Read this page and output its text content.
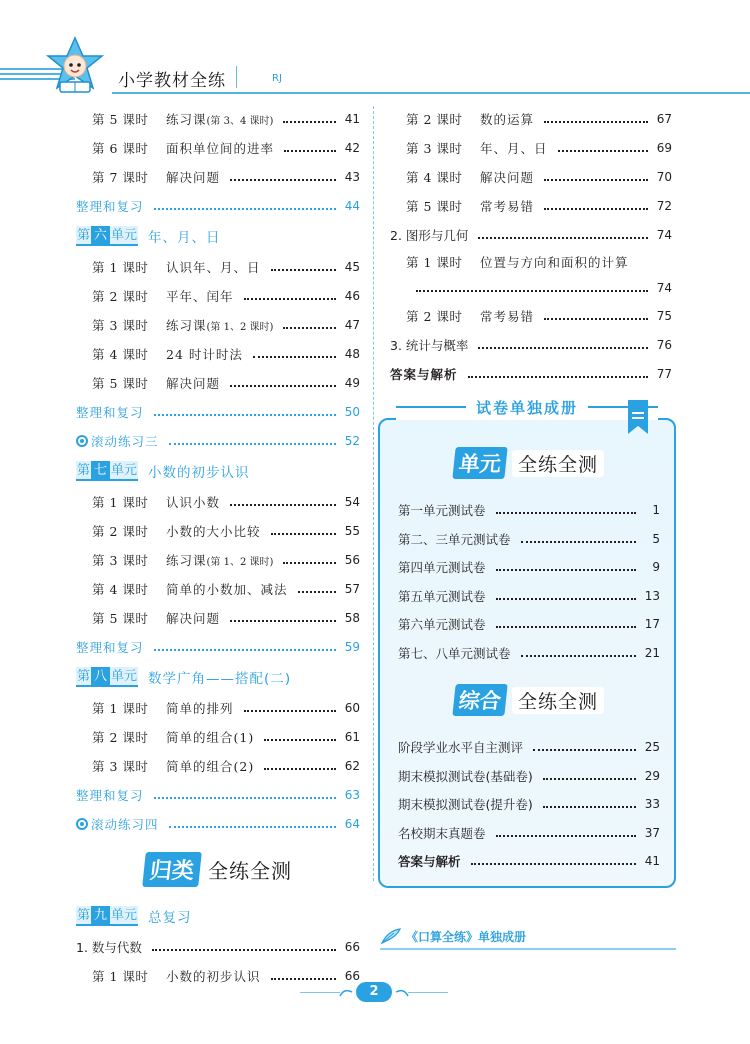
小学教材全练	RJ
第 5 课时	练习课(第 3、4 课时)	41
第 6 课时	面积单位间的进率	42
第 7 课时	解决问题	43
整理和复习	44
第 六 单元 年、月、日
第 1 课时	认识年、月、日	45
第 2 课时	平年、闰年	46
第 3 课时	练习课(第 1、2 课时)	47
第 4 课时	24 时计时法	48
第 5 课时	解决问题	49
整理和复习	50
滚动练习三	52
第 七 单元 小数的初步认识
第 1 课时	认识小数	54
第 2 课时	小数的大小比较	55
第 3 课时	练习课(第 1、2 课时)	56
第 4 课时	简单的小数加、减法	57
第 5 课时	解决问题	58
整理和复习	59
第 八 单元 数学广角——搭配(二)
第 1 课时	简单的排列	60
第 2 课时	简单的组合(1)	61
第 3 课时	简单的组合(2)	62
整理和复习	63
滚动练习四	64
归类 全练全测
第 九 单元 总复习
1. 数与代数	66
第 1 课时	小数的初步认识	66
第 2 课时	数的运算	67
第 3 课时	年、月、日	69
第 4 课时	解决问题	70
第 5 课时	常考易错	72
2. 图形与几何	74
第 1 课时	位置与方向和面积的计算
74
第 2 课时	常考易错	75
3. 统计与概率	76
答案与解析	77
试卷单独成册
单元 全练全测
第一单元测试卷	1
第二、三单元测试卷	5
第四单元测试卷	9
第五单元测试卷	13
第六单元测试卷	17
第七、八单元测试卷	21
综合 全练全测
阶段学业水平自主测评	25
期末模拟测试卷(基础卷)	29
期末模拟测试卷(提升卷)	33
名校期末真题卷	37
答案与解析	41
《口算全练》单独成册
2
